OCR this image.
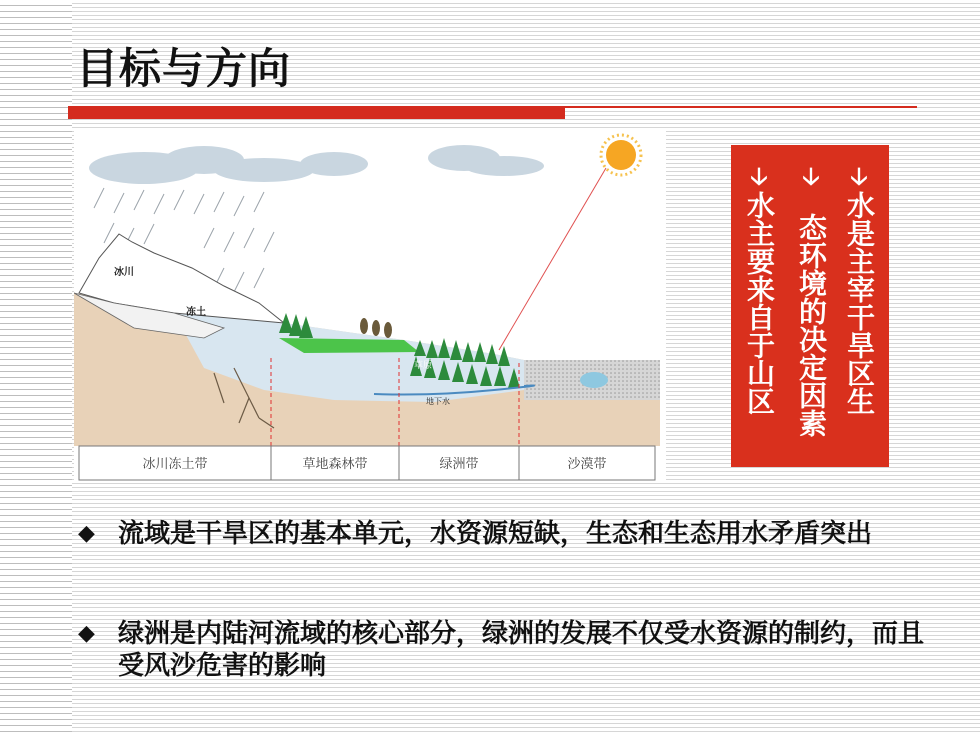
目标与方向
冰川
冻土
草原
地下水
冰川冻土带	草地森林带	绿洲带	沙漠带
🡣
水是主宰干旱区生
🡣
态环境的决定因素
🡣
水主要来自于山区
◆ 流域是干旱区的基本单元，水资源短缺，生态和生态用水矛盾突出
◆ 绿洲是内陆河流域的核心部分，绿洲的发展不仅受水资源的制约，而且受风沙危害的影响
